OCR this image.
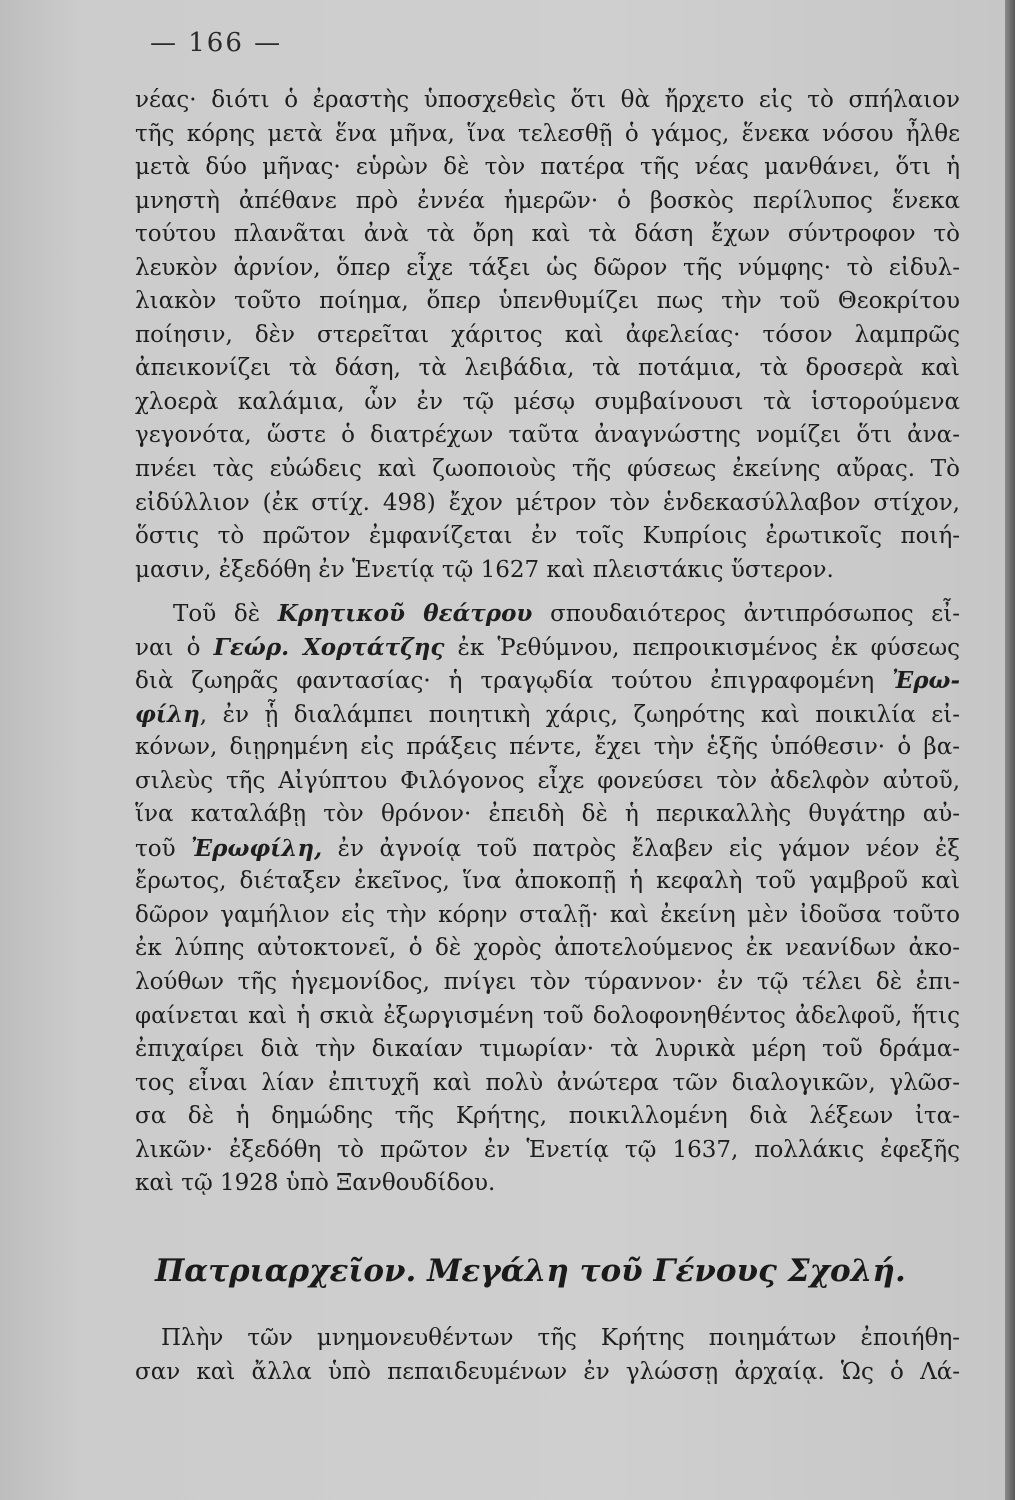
— 166 —
νέας· διότι ὁ ἐραστὴς ὑποσχεθεὶς ὅτι θὰ ἤρχετο εἰς τὸ σπήλαιον
τῆς κόρης μετὰ ἕνα μῆνα, ἵνα τελεσθῇ ὁ γάμος, ἕνεκα νόσου ἦλθε
μετὰ δύο μῆνας· εὑρὼν δὲ τὸν πατέρα τῆς νέας μανθάνει, ὅτι ἡ
μνηστὴ ἀπέθανε πρὸ ἐννέα ἡμερῶν· ὁ βοσκὸς περίλυπος ἕνεκα
τούτου πλανᾶται ἀνὰ τὰ ὄρη καὶ τὰ δάση ἔχων σύντροφον τὸ
λευκὸν ἀρνίον, ὅπερ εἶχε τάξει ὡς δῶρον τῆς νύμφης· τὸ εἰδυλ-
λιακὸν τοῦτο ποίημα, ὅπερ ὑπενθυμίζει πως τὴν τοῦ Θεοκρίτου
ποίησιν, δὲν στερεῖται χάριτος καὶ ἀφελείας· τόσον λαμπρῶς
ἀπεικονίζει τὰ δάση, τὰ λειβάδια, τὰ ποτάμια, τὰ δροσερὰ καὶ
χλοερὰ καλάμια, ὧν ἐν τῷ μέσῳ συμβαίνουσι τὰ ἱστορούμενα
γεγονότα, ὥστε ὁ διατρέχων ταῦτα ἀναγνώστης νομίζει ὅτι ἀνα-
πνέει τὰς εὐώδεις καὶ ζωοποιοὺς τῆς φύσεως ἐκείνης αὔρας. Τὸ
εἰδύλλιον (ἐκ στίχ. 498) ἔχον μέτρον τὸν ἑνδεκασύλλαβον στίχον,
ὅστις τὸ πρῶτον ἐμφανίζεται ἐν τοῖς Κυπρίοις ἐρωτικοῖς ποιή-
μασιν, ἐξεδόθη ἐν Ἑνετίᾳ τῷ 1627 καὶ πλειστάκις ὕστερον.
Τοῦ δὲ Κρητικοῦ θεάτρου σπουδαιότερος ἀντιπρόσωπος εἶ-
ναι ὁ Γεώρ. Χορτάτζης ἐκ Ῥεθύμνου, πεπροικισμένος ἐκ φύσεως
διὰ ζωηρᾶς φαντασίας· ἡ τραγῳδία τούτου ἐπιγραφομένη Ἐρω-
φίλη, ἐν ᾗ διαλάμπει ποιητικὴ χάρις, ζωηρότης καὶ ποικιλία εἰ-
κόνων, διῃρημένη εἰς πράξεις πέντε, ἔχει τὴν ἑξῆς ὑπόθεσιν· ὁ βα-
σιλεὺς τῆς Αἰγύπτου Φιλόγονος εἶχε φονεύσει τὸν ἀδελφὸν αὐτοῦ,
ἵνα καταλάβῃ τὸν θρόνον· ἐπειδὴ δὲ ἡ περικαλλὴς θυγάτηρ αὐ-
τοῦ Ἐρωφίλη, ἐν ἀγνοίᾳ τοῦ πατρὸς ἔλαβεν εἰς γάμον νέον ἐξ
ἔρωτος, διέταξεν ἐκεῖνος, ἵνα ἀποκοπῇ ἡ κεφαλὴ τοῦ γαμβροῦ καὶ
δῶρον γαμήλιον εἰς τὴν κόρην σταλῇ· καὶ ἐκείνη μὲν ἰδοῦσα τοῦτο
ἐκ λύπης αὐτοκτονεῖ, ὁ δὲ χορὸς ἀποτελούμενος ἐκ νεανίδων ἀκο-
λούθων τῆς ἡγεμονίδος, πνίγει τὸν τύραννον· ἐν τῷ τέλει δὲ ἐπι-
φαίνεται καὶ ἡ σκιὰ ἐξωργισμένη τοῦ δολοφονηθέντος ἀδελφοῦ, ἥτις
ἐπιχαίρει διὰ τὴν δικαίαν τιμωρίαν· τὰ λυρικὰ μέρη τοῦ δράμα-
τος εἶναι λίαν ἐπιτυχῆ καὶ πολὺ ἀνώτερα τῶν διαλογικῶν, γλῶσ-
σα δὲ ἡ δημώδης τῆς Κρήτης, ποικιλλομένη διὰ λέξεων ἰτα-
λικῶν· ἐξεδόθη τὸ πρῶτον ἐν Ἑνετίᾳ τῷ 1637, πολλάκις ἐφεξῆς
καὶ τῷ 1928 ὑπὸ Ξανθουδίδου.
Πατριαρχεῖον. Μεγάλη τοῦ Γένους Σχολή.
Πλὴν τῶν μνημονευθέντων τῆς Κρήτης ποιημάτων ἐποιήθη-
σαν καὶ ἄλλα ὑπὸ πεπαιδευμένων ἐν γλώσσῃ ἀρχαίᾳ. Ὡς ὁ Λά-
